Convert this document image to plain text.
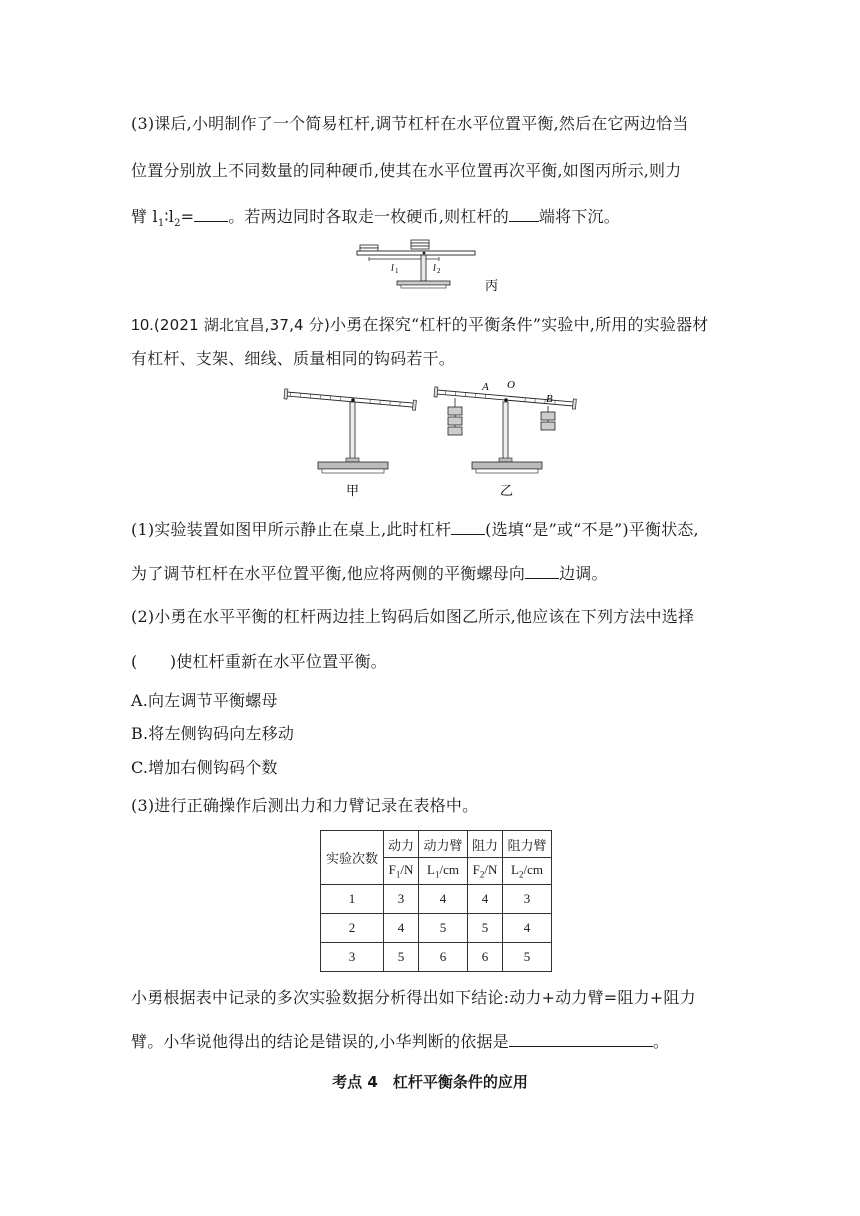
(3)课后,小明制作了一个简易杠杆,调节杠杆在水平位置平衡,然后在它两边恰当
位置分别放上不同数量的同种硬币,使其在水平位置再次平衡,如图丙所示,则力
臂 $l_1∶l_2=$ 。若两边同时各取走一枚硬币,则杠杆的 端将下沉。
l 1	l 2
丙
10.(2021 湖北宜昌,37,4 分)小勇在探究“杠杆的平衡条件”实验中,所用的实验器材
有杠杆、支架、细线、质量相同的钩码若干。
甲
A O
B
乙
(1)实验装置如图甲所示静止在桌上,此时杠杆 (选填“是”或“不是”)平衡状态,
为了调节杠杆在水平位置平衡,他应将两侧的平衡螺母向 边调。
(2)小勇在水平平衡的杠杆两边挂上钩码后如图乙所示,他应该在下列方法中选择
(　　)使杠杆重新在水平位置平衡。
A.向左调节平衡螺母
B.将左侧钩码向左移动
C.增加右侧钩码个数
(3)进行正确操作后测出力和力臂记录在表格中。
实验次数	动力	动力臂	阻力	阻力臂
	$F_1/N$	$L_1/cm$	$F_2/N$	$L_2/cm$
1	3	4	4	3
2	4	5	5	4
3	5	6	6	5
小勇根据表中记录的多次实验数据分析得出如下结论:动力+动力臂=阻力+阻力
臂。小华说他得出的结论是错误的,小华判断的依据是	。
考点 4　杠杆平衡条件的应用
